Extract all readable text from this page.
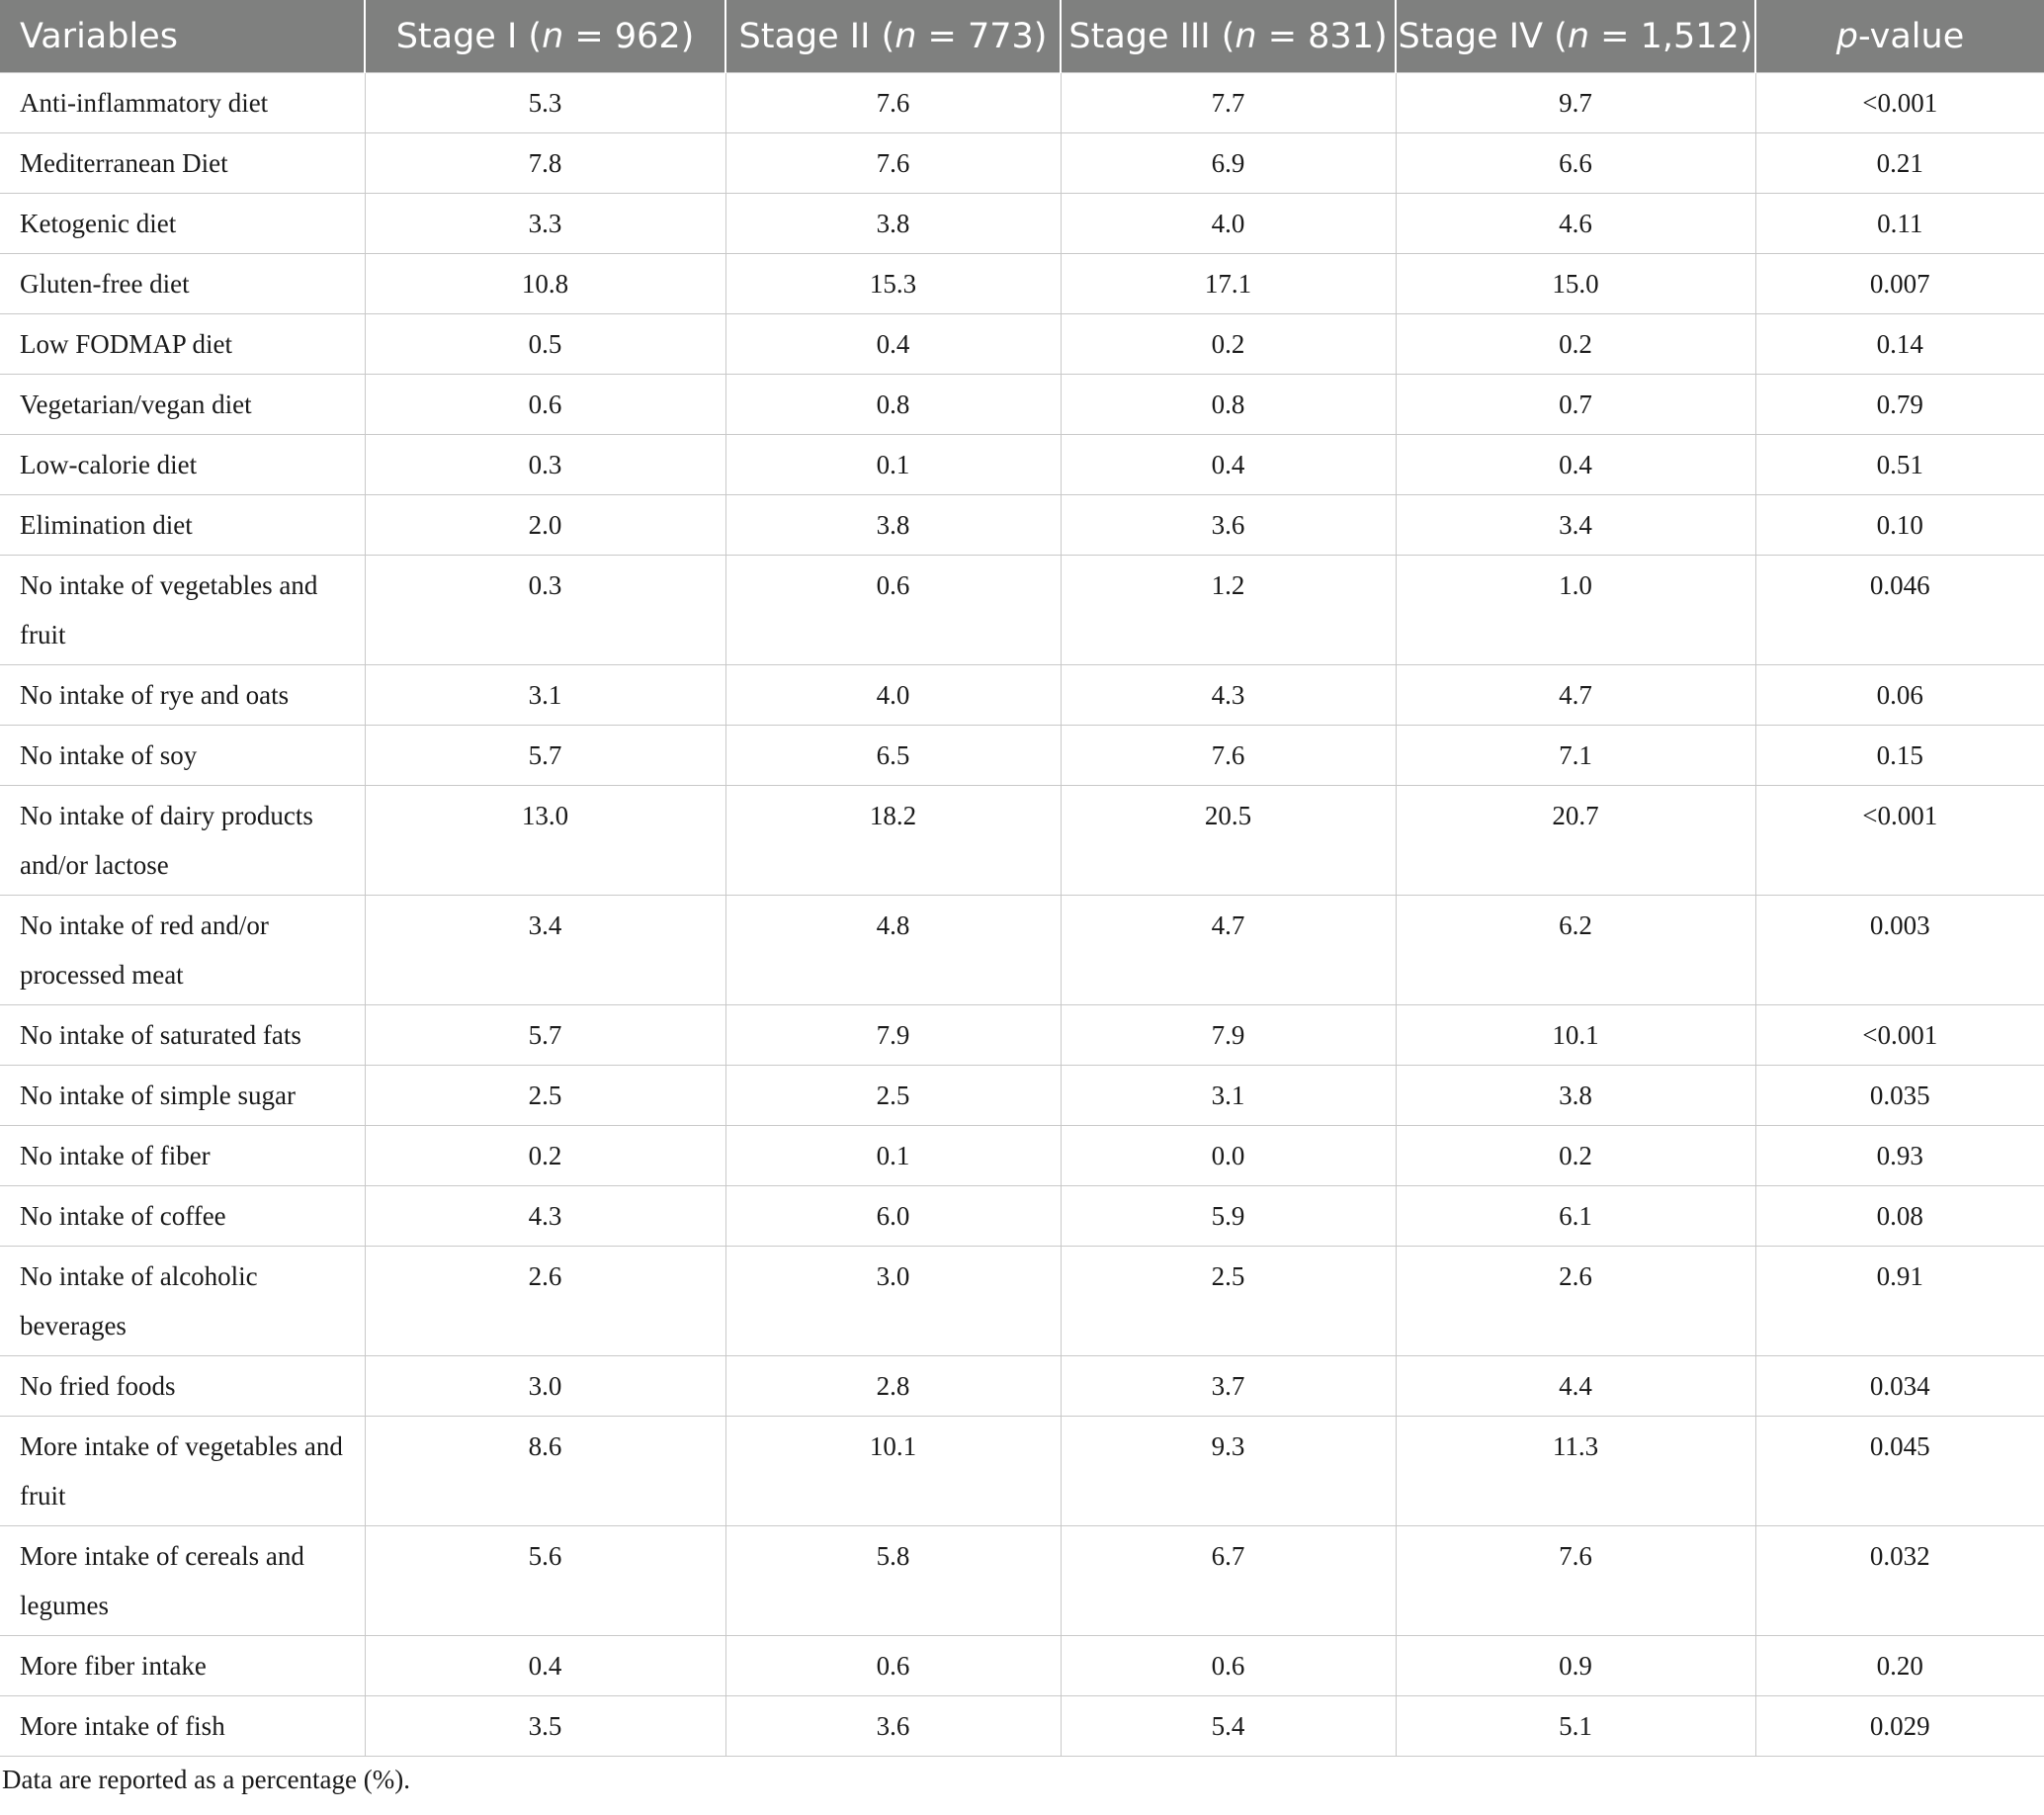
Variables	Stage I (n = 962)	Stage II (n = 773)	Stage III (n = 831)	Stage IV (n = 1,512)	p-value

Anti-inflammatory diet	5.3	7.6	7.7	9.7	<0.001

Mediterranean Diet	7.8	7.6	6.9	6.6	0.21

Ketogenic diet	3.3	3.8	4.0	4.6	0.11

Gluten-free diet	10.8	15.3	17.1	15.0	0.007

Low FODMAP diet	0.5	0.4	0.2	0.2	0.14

Vegetarian/vegan diet	0.6	0.8	0.8	0.7	0.79

Low-calorie diet	0.3	0.1	0.4	0.4	0.51

Elimination diet	2.0	3.8	3.6	3.4	0.10

No intake of vegetables and fruit	0.3	0.6	1.2	1.0	0.046

No intake of rye and oats	3.1	4.0	4.3	4.7	0.06

No intake of soy	5.7	6.5	7.6	7.1	0.15

No intake of dairy products and/or lactose	13.0	18.2	20.5	20.7	<0.001

No intake of red and/or processed meat	3.4	4.8	4.7	6.2	0.003

No intake of saturated fats	5.7	7.9	7.9	10.1	<0.001

No intake of simple sugar	2.5	2.5	3.1	3.8	0.035

No intake of fiber	0.2	0.1	0.0	0.2	0.93

No intake of coffee	4.3	6.0	5.9	6.1	0.08

No intake of alcoholic beverages	2.6	3.0	2.5	2.6	0.91

No fried foods	3.0	2.8	3.7	4.4	0.034

More intake of vegetables and fruit	8.6	10.1	9.3	11.3	0.045

More intake of cereals and legumes	5.6	5.8	6.7	7.6	0.032

More fiber intake	0.4	0.6	0.6	0.9	0.20

More intake of fish	3.5	3.6	5.4	5.1	0.029
Data are reported as a percentage (%).
